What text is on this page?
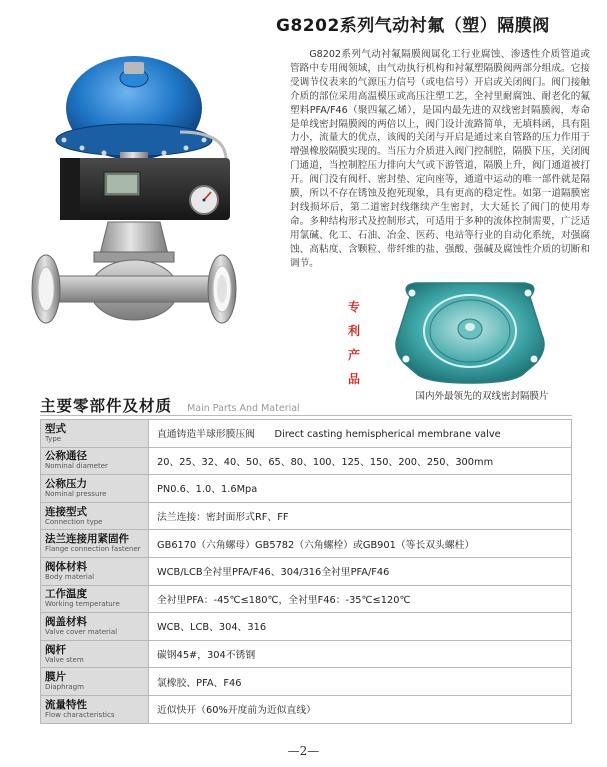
G8202系列气动衬氟（塑）隔膜阀
G8202系列气动衬氟隔膜阀属化工行业腐蚀、渗透性介质管道或管路中专用阀领域，由气动执行机构和衬氟塑隔膜阀两部分组成。它接受调节仪表来的气源压力信号（或电信号）开启或关闭阀门。阀门接触介质的部位采用高温模压或高压注塑工艺，全衬里耐腐蚀、耐老化的氟塑料PFA/F46（聚四氟乙烯），是国内最先进的双线密封隔膜阀，寿命是单线密封隔膜阀的两倍以上，阀门设计流路简单，无填料函，具有阻力小，流量大的优点，该阀的关闭与开启是通过来自管路的压力作用于增强橡胶隔膜实现的。当压力介质进入阀门控制腔，隔膜下压，关闭阀门通道，当控制腔压力排向大气或下游管道，隔膜上升，阀门通道被打开。阀门没有阀杆、密封垫、定向座等，通道中运动的唯一部件就是隔膜，所以不存在锈蚀及抱死现象，具有更高的稳定性。如第一道隔膜密封线损坏后，第二道密封线继续产生密封，大大延长了阀门的使用寿命。多种结构形式及控制形式，可适用于多种的流体控制需要，广泛适用氯碱、化工、石油、冶金、医药、电站等行业的自动化系统，对强腐蚀、高粘度、含颗粒、带纤维的盐、强酸、强碱及腐蚀性介质的切断和调节。
专
利
产
品
国内外最领先的双线密封隔膜片
主要零部件及材质 Main Parts And Material
型式
Type	直通铸造半球形膜压阀　　Direct casting hemispherical membrane valve

公称通径
Nominal diameter	20、25、32、40、50、65、80、100、125、150、200、250、300mm

公称压力
Nominal pressure	PN0.6、1.0、1.6Mpa

连接型式
Connection type	法兰连接：密封面形式RF、FF

法兰连接用紧固件
Flange connection fastener	GB6170（六角螺母）GB5782（六角螺栓）或GB901（等长双头螺柱）

阀体材料
Body material	WCB/LCB全衬里PFA/F46、304/316全衬里PFA/F46

工作温度
Working temperature	全衬里PFA：-45℃≤180℃，全衬里F46：-35℃≤120℃

阀盖材料
Valve cover material	WCB、LCB、304、316

阀杆
Valve stem	碳钢45#，304不锈钢

膜片
Diaphragm	氯橡胶、PFA、F46

流量特性
Flow characteristics	近似快开（60%开度前为近似直线）
—2—
